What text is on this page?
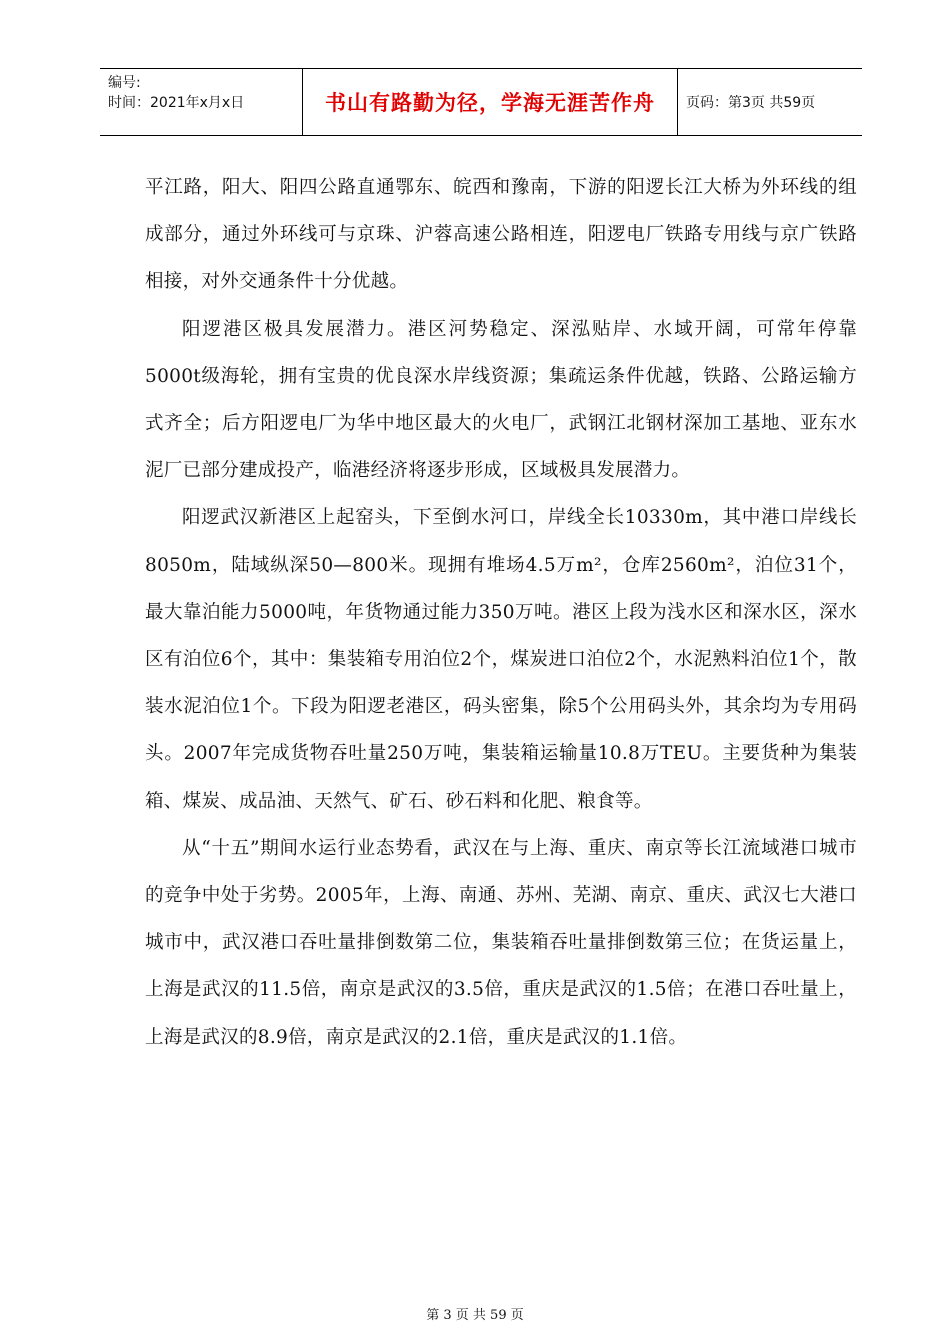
编号:
时间：2021年x月x日	书山有路勤为径，学海无涯苦作舟	页码：第3页 共59页

平江路，阳大、阳四公路直通鄂东、皖西和豫南，下游的阳逻长江大桥为外环线的组成部分，通过外环线可与京珠、沪蓉高速公路相连，阳逻电厂铁路专用线与京广铁路相接，对外交通条件十分优越。

阳逻港区极具发展潜力。港区河势稳定、深泓贴岸、水域开阔，可常年停靠5000t级海轮，拥有宝贵的优良深水岸线资源；集疏运条件优越，铁路、公路运输方式齐全；后方阳逻电厂为华中地区最大的火电厂，武钢江北钢材深加工基地、亚东水泥厂已部分建成投产，临港经济将逐步形成，区域极具发展潜力。

阳逻武汉新港区上起窑头，下至倒水河口，岸线全长10330m，其中港口岸线长8050m，陆域纵深50—800米。现拥有堆场4.5万m²，仓库2560m²，泊位31个，最大靠泊能力5000吨，年货物通过能力350万吨。港区上段为浅水区和深水区，深水区有泊位6个，其中：集装箱专用泊位2个，煤炭进口泊位2个，水泥熟料泊位1个，散装水泥泊位1个。下段为阳逻老港区，码头密集，除5个公用码头外，其余均为专用码头。2007年完成货物吞吐量250万吨，集装箱运输量10.8万TEU。主要货种为集装箱、煤炭、成品油、天然气、矿石、砂石料和化肥、粮食等。

从“十五”期间水运行业态势看，武汉在与上海、重庆、南京等长江流域港口城市的竞争中处于劣势。2005年，上海、南通、苏州、芜湖、南京、重庆、武汉七大港口城市中，武汉港口吞吐量排倒数第二位，集装箱吞吐量排倒数第三位；在货运量上，上海是武汉的11.5倍，南京是武汉的3.5倍，重庆是武汉的1.5倍；在港口吞吐量上，上海是武汉的8.9倍，南京是武汉的2.1倍，重庆是武汉的1.1倍。

第 3 页 共 59 页
